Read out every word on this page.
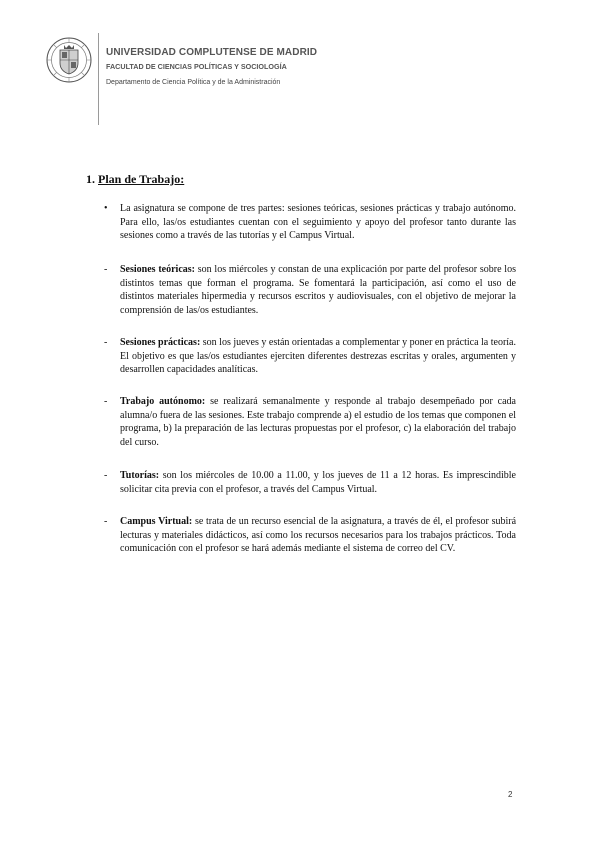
UNIVERSIDAD COMPLUTENSE DE MADRID
FACULTAD DE CIENCIAS POLÍTICAS Y SOCIOLOGÍA
Departamento de Ciencia Política y de la Administración
1. Plan de Trabajo:
•	La asignatura se compone de tres partes: sesiones teóricas, sesiones prácticas y trabajo autónomo. Para ello, las/os estudiantes cuentan con el seguimiento y apoyo del profesor tanto durante las sesiones como a través de las tutorías y el Campus Virtual.
-	Sesiones teóricas: son los miércoles y constan de una explicación por parte del profesor sobre los distintos temas que forman el programa. Se fomentará la participación, así como el uso de distintos materiales hipermedia y recursos escritos y audiovisuales, con el objetivo de mejorar la comprensión de las/os estudiantes.
-	Sesiones prácticas: son los jueves y están orientadas a complementar y poner en práctica la teoría. El objetivo es que las/os estudiantes ejerciten diferentes destrezas escritas y orales, argumenten y desarrollen capacidades analíticas.
-	Trabajo autónomo: se realizará semanalmente y responde al trabajo desempeñado por cada alumna/o fuera de las sesiones. Este trabajo comprende a) el estudio de los temas que componen el programa, b) la preparación de las lecturas propuestas por el profesor, c) la elaboración del trabajo del curso.
-	Tutorías: son los miércoles de 10.00 a 11.00, y los jueves de 11 a 12 horas. Es imprescindible solicitar cita previa con el profesor, a través del Campus Virtual.
-	Campus Virtual: se trata de un recurso esencial de la asignatura, a través de él, el profesor subirá lecturas y materiales didácticos, así como los recursos necesarios para los trabajos prácticos. Toda comunicación con el profesor se hará además mediante el sistema de correo del CV.
2
